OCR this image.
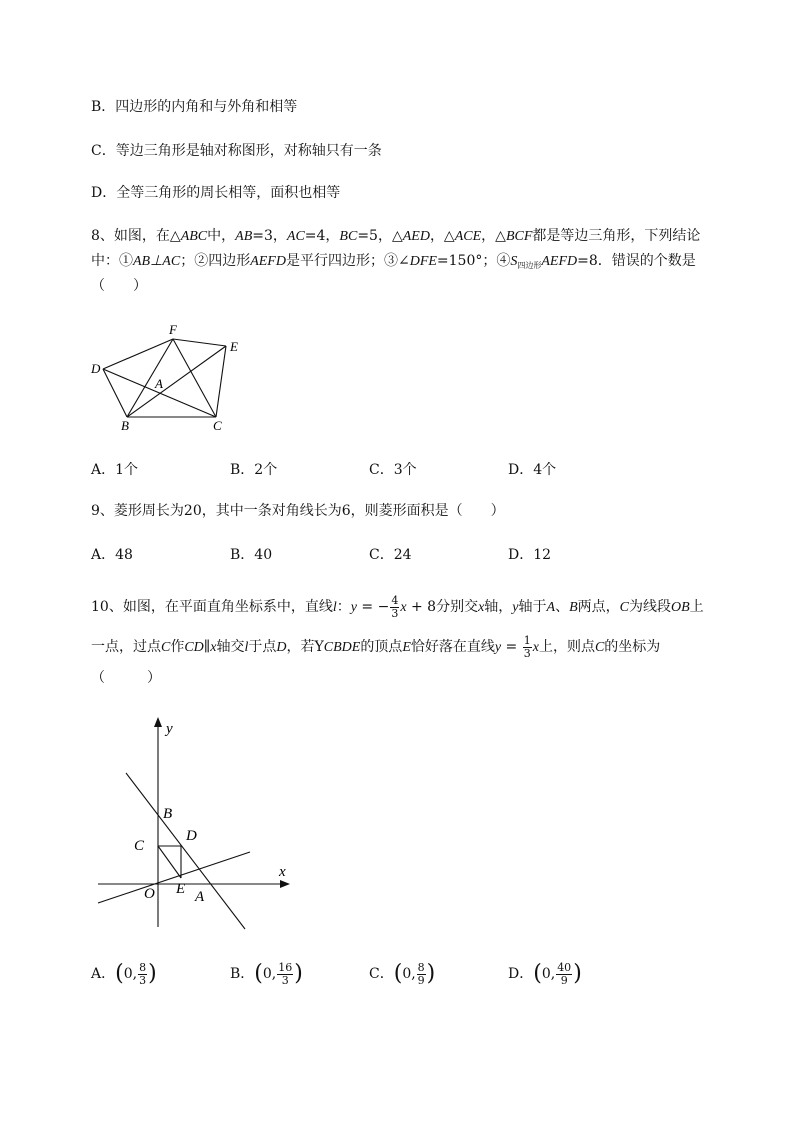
B．四边形的内角和与外角和相等
C．等边三角形是轴对称图形，对称轴只有一条
D．全等三角形的周长相等，面积也相等
8、如图，在△ABC中，AB=3，AC=4，BC=5，△AED，△ACE，△BCF都是等边三角形，下列结论
中：①AB⊥AC；②四边形AEFD是平行四边形；③∠DFE=150°；$④S_{四边形}AEFD=8$．错误的个数是
（　　）
F
E
D
A
B	C
A．1个	B．2个	C．3个	D．4个
9、菱形周长为20，其中一条对角线长为6，则菱形面积是（　　）
A．48	B．40	C．24	D．12
10、如图，在平面直角坐标系中，直线l：y = − $\frac{4}{3}$ x + 8分别交x轴，y轴于A、B两点，C为线段OB上
一点，过点C作CD∥x轴交l于点D，若YCBDE的顶点E恰好落在直线$y = \frac{1}{3}$ x上，则点C的坐标为
（　　　）
y
x
B
C
D
O E A
A．(0, $\frac{8}{3}$ )	B．(0, $\frac{16}{3}$ )	C．(0, $\frac{8}{9}$ )	D．(0, $\frac{40}{9}$ )
